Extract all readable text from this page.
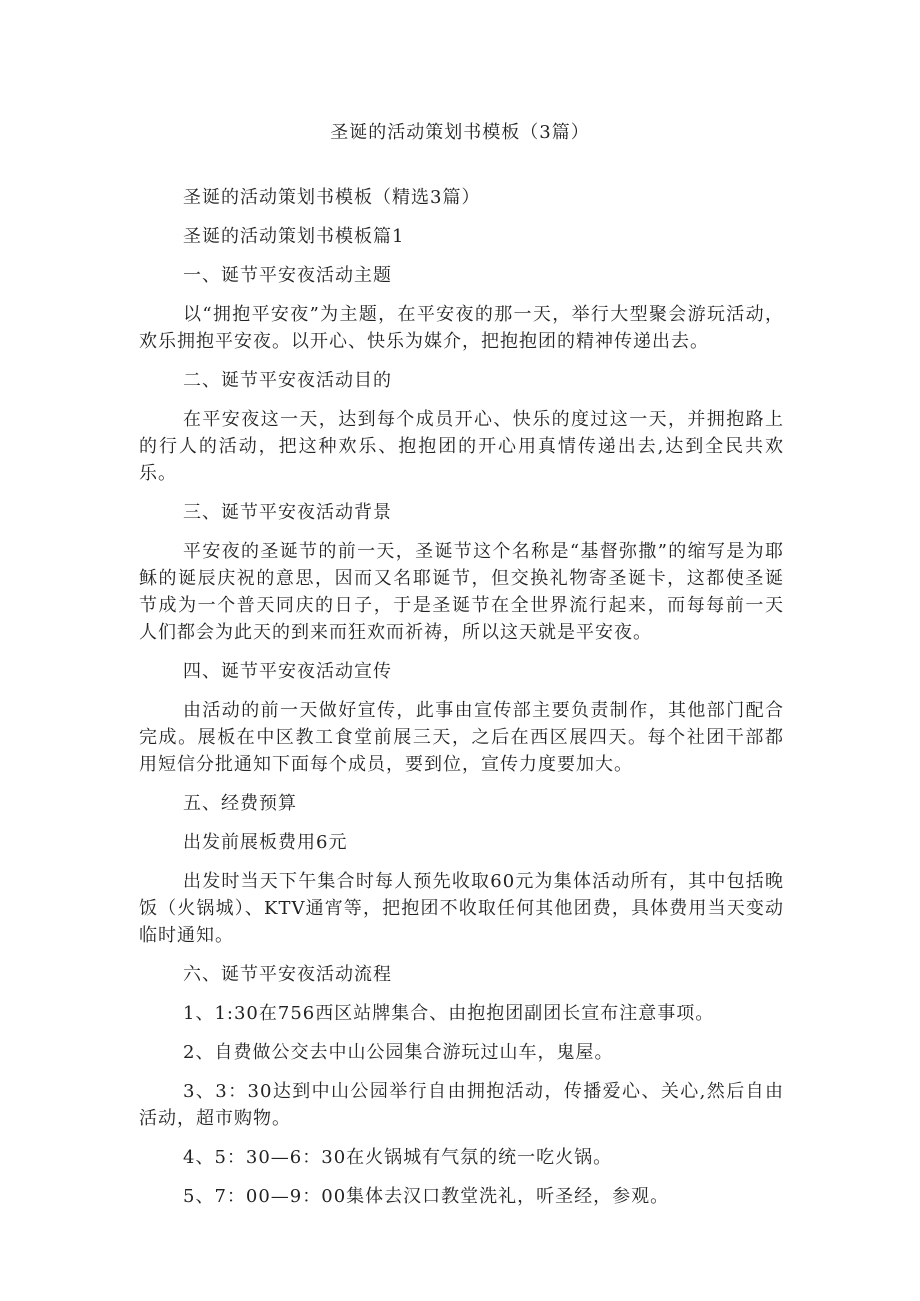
圣诞的活动策划书模板（3篇）

圣诞的活动策划书模板（精选3篇）

圣诞的活动策划书模板篇1

一、诞节平安夜活动主题

以“拥抱平安夜”为主题，在平安夜的那一天，举行大型聚会游玩活动，欢乐拥抱平安夜。以开心、快乐为媒介，把抱抱团的精神传递出去。

二、诞节平安夜活动目的

在平安夜这一天，达到每个成员开心、快乐的度过这一天，并拥抱路上的行人的活动，把这种欢乐、抱抱团的开心用真情传递出去,达到全民共欢乐。

三、诞节平安夜活动背景

平安夜的圣诞节的前一天，圣诞节这个名称是“基督弥撒”的缩写是为耶稣的诞辰庆祝的意思，因而又名耶诞节，但交换礼物寄圣诞卡，这都使圣诞节成为一个普天同庆的日子，于是圣诞节在全世界流行起来，而每每前一天人们都会为此天的到来而狂欢而祈祷，所以这天就是平安夜。

四、诞节平安夜活动宣传

由活动的前一天做好宣传，此事由宣传部主要负责制作，其他部门配合完成。展板在中区教工食堂前展三天，之后在西区展四天。每个社团干部都用短信分批通知下面每个成员，要到位，宣传力度要加大。

五、经费预算

出发前展板费用6元

出发时当天下午集合时每人预先收取60元为集体活动所有，其中包括晚饭（火锅城）、KTV通宵等，把抱团不收取任何其他团费，具体费用当天变动临时通知。

六、诞节平安夜活动流程

1、1:30在756西区站牌集合、由抱抱团副团长宣布注意事项。

2、自费做公交去中山公园集合游玩过山车，鬼屋。

3、3：30达到中山公园举行自由拥抱活动，传播爱心、关心,然后自由活动，超市购物。

4、5：30—6：30在火锅城有气氛的统一吃火锅。

5、7：00—9：00集体去汉口教堂洗礼，听圣经，参观。
